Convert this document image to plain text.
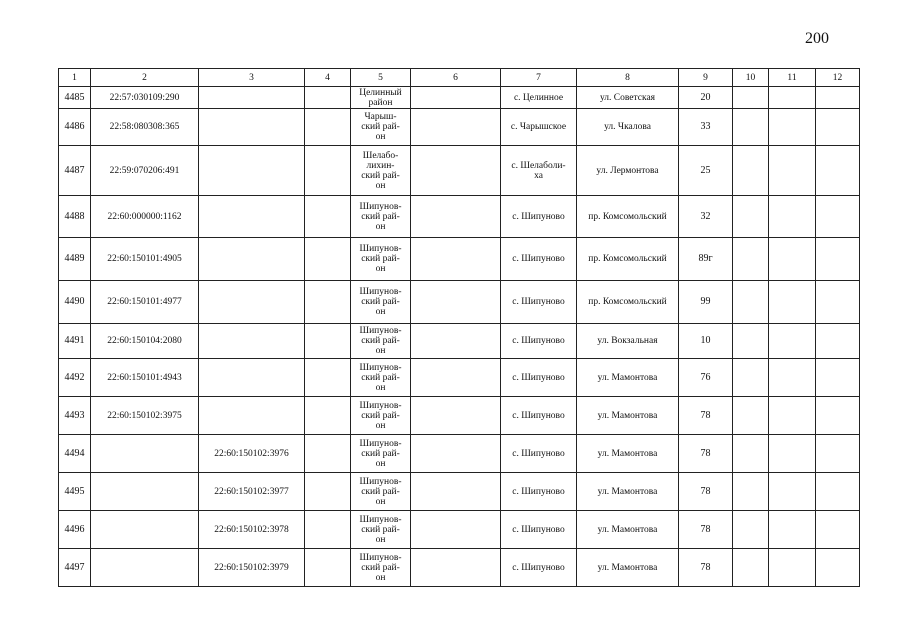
200
1	2	3	4	5	6	7	8	9	10	11	12
4485	22:57:030109:290			Целинный
район		с. Целинное	ул. Советская	20			
4486	22:58:080308:365			Чарыш-
ский рай-
он		с. Чарышское	ул. Чкалова	33			
4487	22:59:070206:491			Шелабо-
лихин-
ский рай-
он		с. Шелаболи-
ха	ул. Лермонтова	25			
4488	22:60:000000:1162			Шипунов-
ский рай-
он		с. Шипуново	пр. Комсомольский	32			
4489	22:60:150101:4905			Шипунов-
ский рай-
он		с. Шипуново	пр. Комсомольский	89г			
4490	22:60:150101:4977			Шипунов-
ский рай-
он		с. Шипуново	пр. Комсомольский	99			
4491	22:60:150104:2080			Шипунов-
ский рай-
он		с. Шипуново	ул. Вокзальная	10			
4492	22:60:150101:4943			Шипунов-
ский рай-
он		с. Шипуново	ул. Мамонтова	76			
4493	22:60:150102:3975			Шипунов-
ский рай-
он		с. Шипуново	ул. Мамонтова	78			
4494		22:60:150102:3976		Шипунов-
ский рай-
он		с. Шипуново	ул. Мамонтова	78			
4495		22:60:150102:3977		Шипунов-
ский рай-
он		с. Шипуново	ул. Мамонтова	78			
4496		22:60:150102:3978		Шипунов-
ский рай-
он		с. Шипуново	ул. Мамонтова	78			
4497		22:60:150102:3979		Шипунов-
ский рай-
он		с. Шипуново	ул. Мамонтова	78			
